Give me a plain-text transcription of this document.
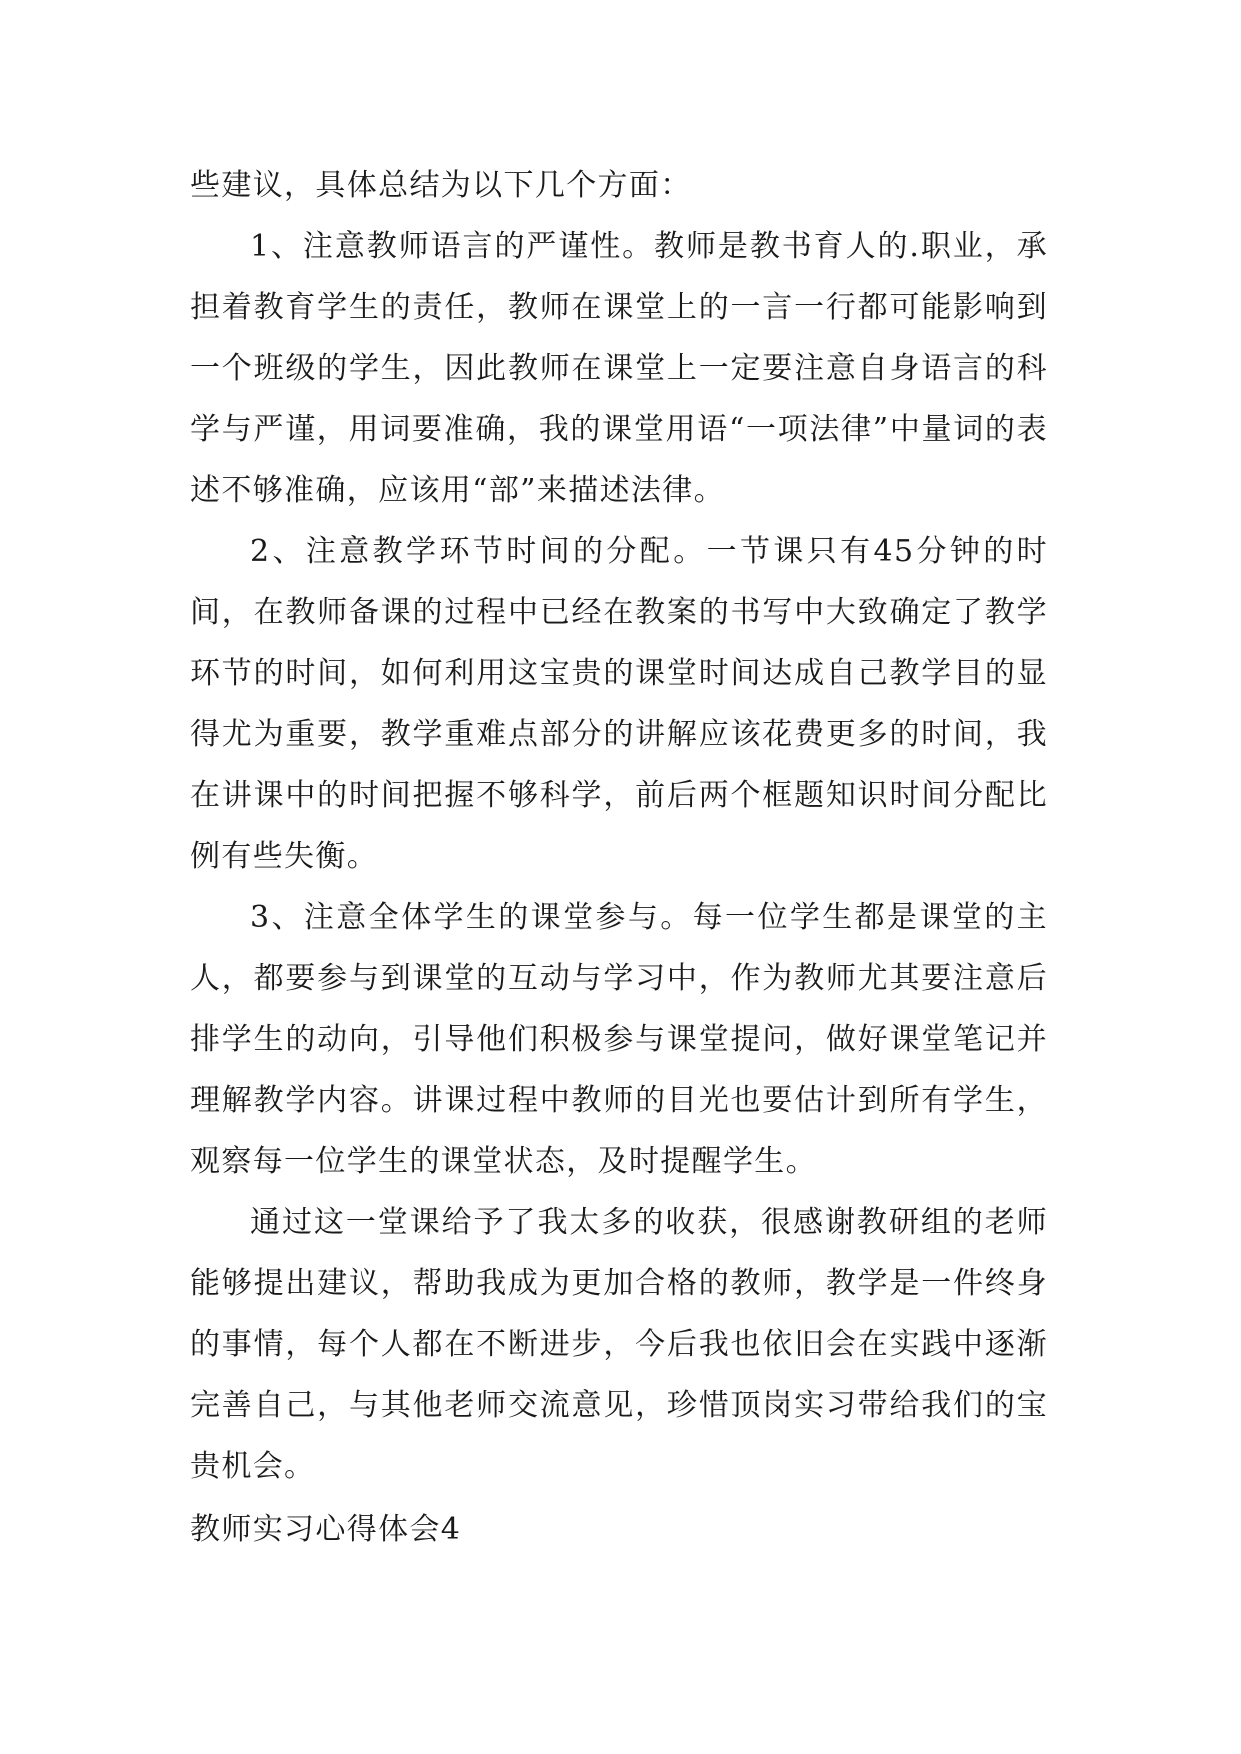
些建议，具体总结为以下几个方面：

1、注意教师语言的严谨性。教师是教书育人的.职业，承担着教育学生的责任，教师在课堂上的一言一行都可能影响到一个班级的学生，因此教师在课堂上一定要注意自身语言的科学与严谨，用词要准确，我的课堂用语“一项法律”中量词的表述不够准确，应该用“部”来描述法律。

2、注意教学环节时间的分配。一节课只有45分钟的时间，在教师备课的过程中已经在教案的书写中大致确定了教学环节的时间，如何利用这宝贵的课堂时间达成自己教学目的显得尤为重要，教学重难点部分的讲解应该花费更多的时间，我在讲课中的时间把握不够科学，前后两个框题知识时间分配比例有些失衡。

3、注意全体学生的课堂参与。每一位学生都是课堂的主人，都要参与到课堂的互动与学习中，作为教师尤其要注意后排学生的动向，引导他们积极参与课堂提问，做好课堂笔记并理解教学内容。讲课过程中教师的目光也要估计到所有学生，观察每一位学生的课堂状态，及时提醒学生。

通过这一堂课给予了我太多的收获，很感谢教研组的老师能够提出建议，帮助我成为更加合格的教师，教学是一件终身的事情，每个人都在不断进步，今后我也依旧会在实践中逐渐完善自己，与其他老师交流意见，珍惜顶岗实习带给我们的宝贵机会。

教师实习心得体会4
